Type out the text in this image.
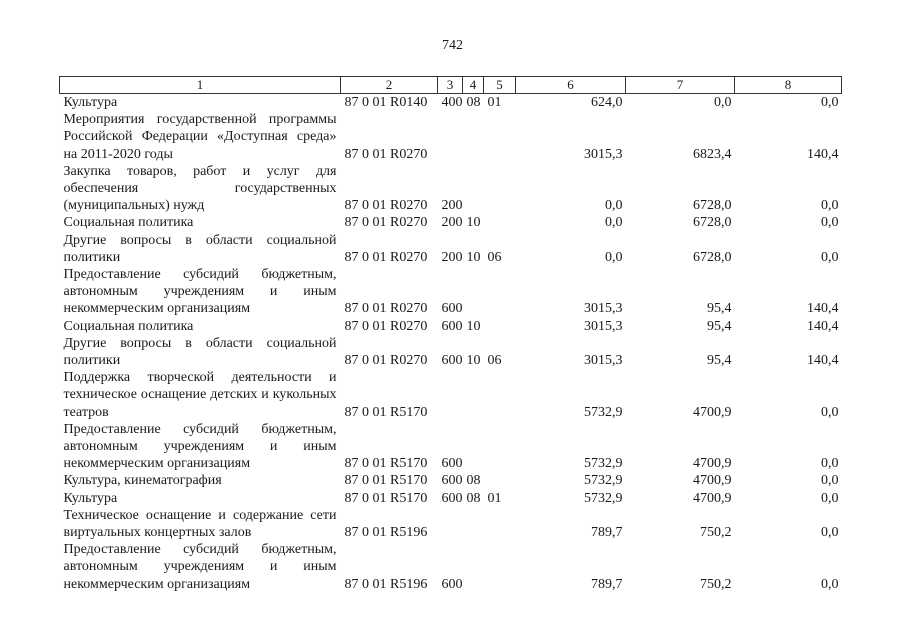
742
1	2	3	4	5	6	7	8
Культура	87 0 01 R0140	400	08	01	624,0	0,0	0,0
Мероприятия государственной программы Российской Федерации «Доступная среда» на 2011-2020 годы	87 0 01 R0270				3015,3	6823,4	140,4
Закупка товаров, работ и услуг для обеспечения государственных (муниципальных) нужд	87 0 01 R0270	200			0,0	6728,0	0,0
Социальная политика	87 0 01 R0270	200	10		0,0	6728,0	0,0
Другие вопросы в области социальной политики	87 0 01 R0270	200	10	06	0,0	6728,0	0,0
Предоставление субсидий бюджетным, автономным учреждениям и иным некоммерческим организациям	87 0 01 R0270	600			3015,3	95,4	140,4
Социальная политика	87 0 01 R0270	600	10		3015,3	95,4	140,4
Другие вопросы в области социальной политики	87 0 01 R0270	600	10	06	3015,3	95,4	140,4
Поддержка творческой деятельности и техническое оснащение детских и кукольных театров	87 0 01 R5170				5732,9	4700,9	0,0
Предоставление субсидий бюджетным, автономным учреждениям и иным некоммерческим организациям	87 0 01 R5170	600			5732,9	4700,9	0,0
Культура, кинематография	87 0 01 R5170	600	08		5732,9	4700,9	0,0
Культура	87 0 01 R5170	600	08	01	5732,9	4700,9	0,0
Техническое оснащение и содержание сети виртуальных концертных залов	87 0 01 R5196				789,7	750,2	0,0
Предоставление субсидий бюджетным, автономным учреждениям и иным некоммерческим организациям	87 0 01 R5196	600			789,7	750,2	0,0
